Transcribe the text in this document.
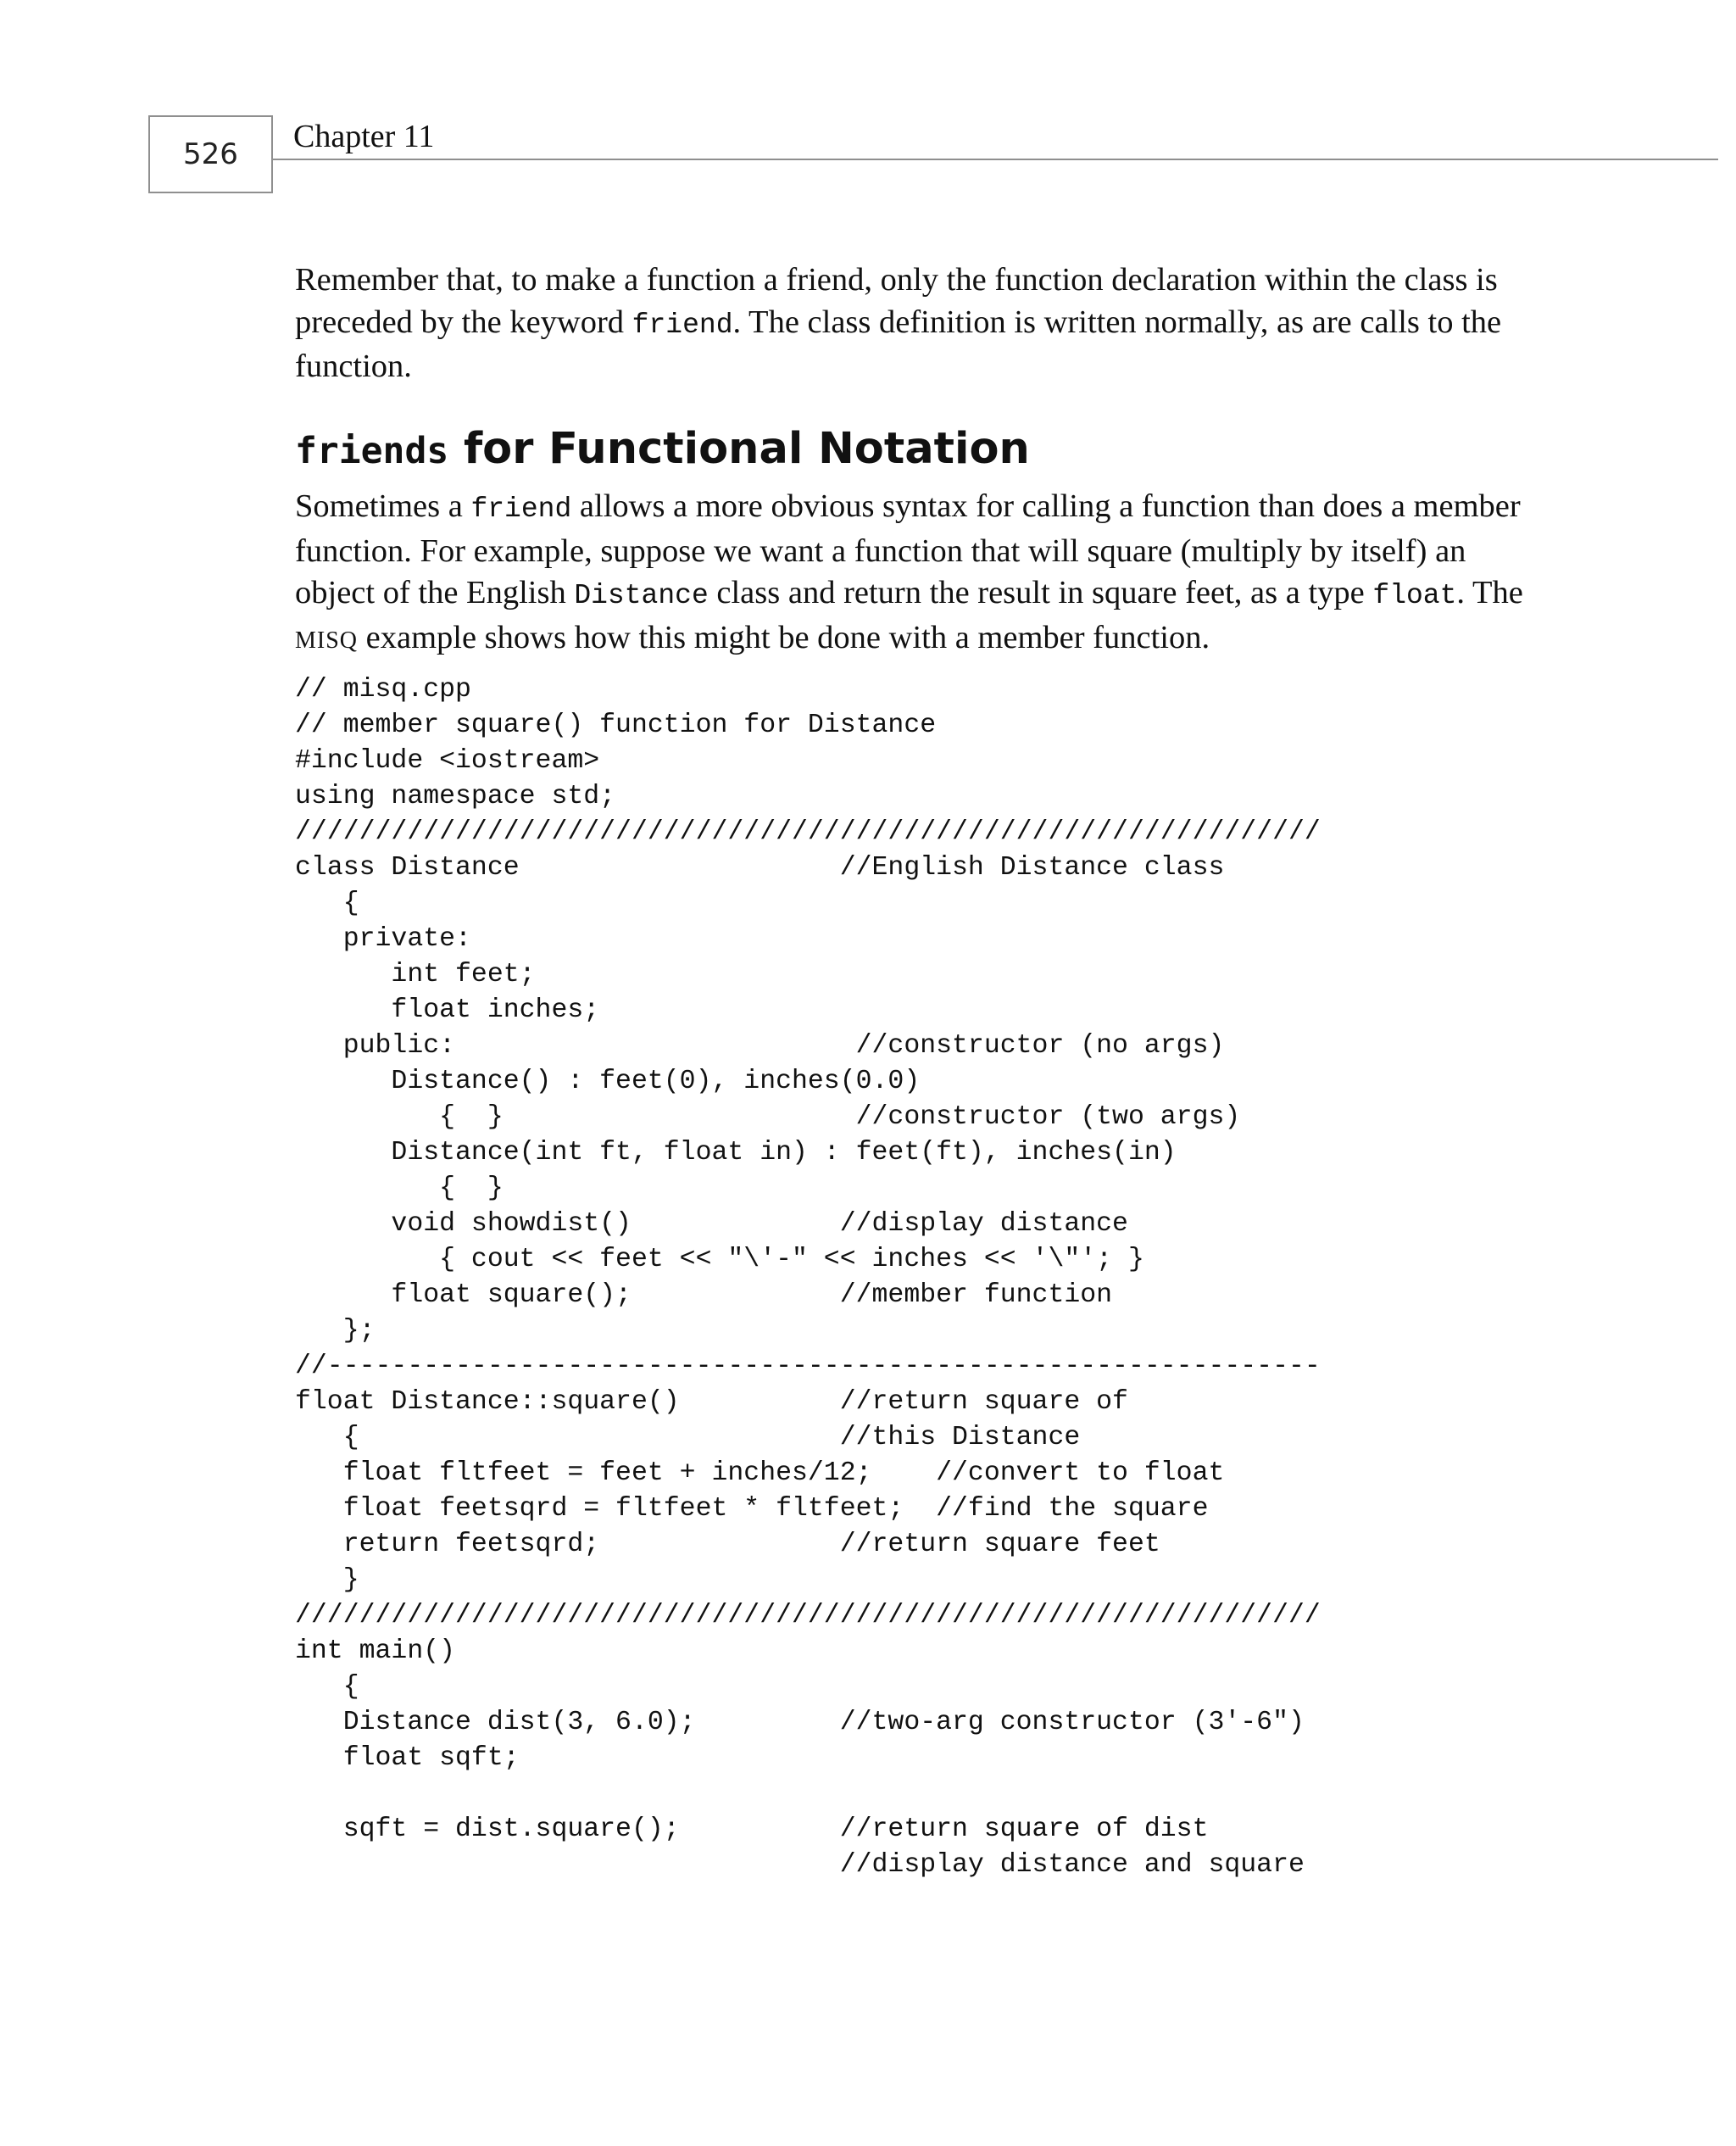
526	Chapter 11

Remember that, to make a function a friend, only the function declaration within the class is
preceded by the keyword friend. The class definition is written normally, as are calls to the
function.

friends for Functional Notation

Sometimes a friend allows a more obvious syntax for calling a function than does a member
function. For example, suppose we want a function that will square (multiply by itself) an
object of the English Distance class and return the result in square feet, as a type float. The
MISQ example shows how this might be done with a member function.

// misq.cpp
// member square() function for Distance
#include <iostream>
using namespace std;
////////////////////////////////////////////////////////////////
class Distance                    //English Distance class
{
private:
int feet;
float inches;
public:                         //constructor (no args)
Distance() : feet(0), inches(0.0)
{  }                      //constructor (two args)
Distance(int ft, float in) : feet(ft), inches(in)
{  }
void showdist()             //display distance
{ cout << feet << "\'-" << inches << '\"'; }
float square();             //member function
};
//--------------------------------------------------------------
float Distance::square()          //return square of
{                              //this Distance
float fltfeet = feet + inches/12;    //convert to float
float feetsqrd = fltfeet * fltfeet;  //find the square
return feetsqrd;               //return square feet
}
////////////////////////////////////////////////////////////////
int main()
{
Distance dist(3, 6.0);         //two-arg constructor (3'-6")
float sqft;
sqft = dist.square();          //return square of dist
//display distance and square
